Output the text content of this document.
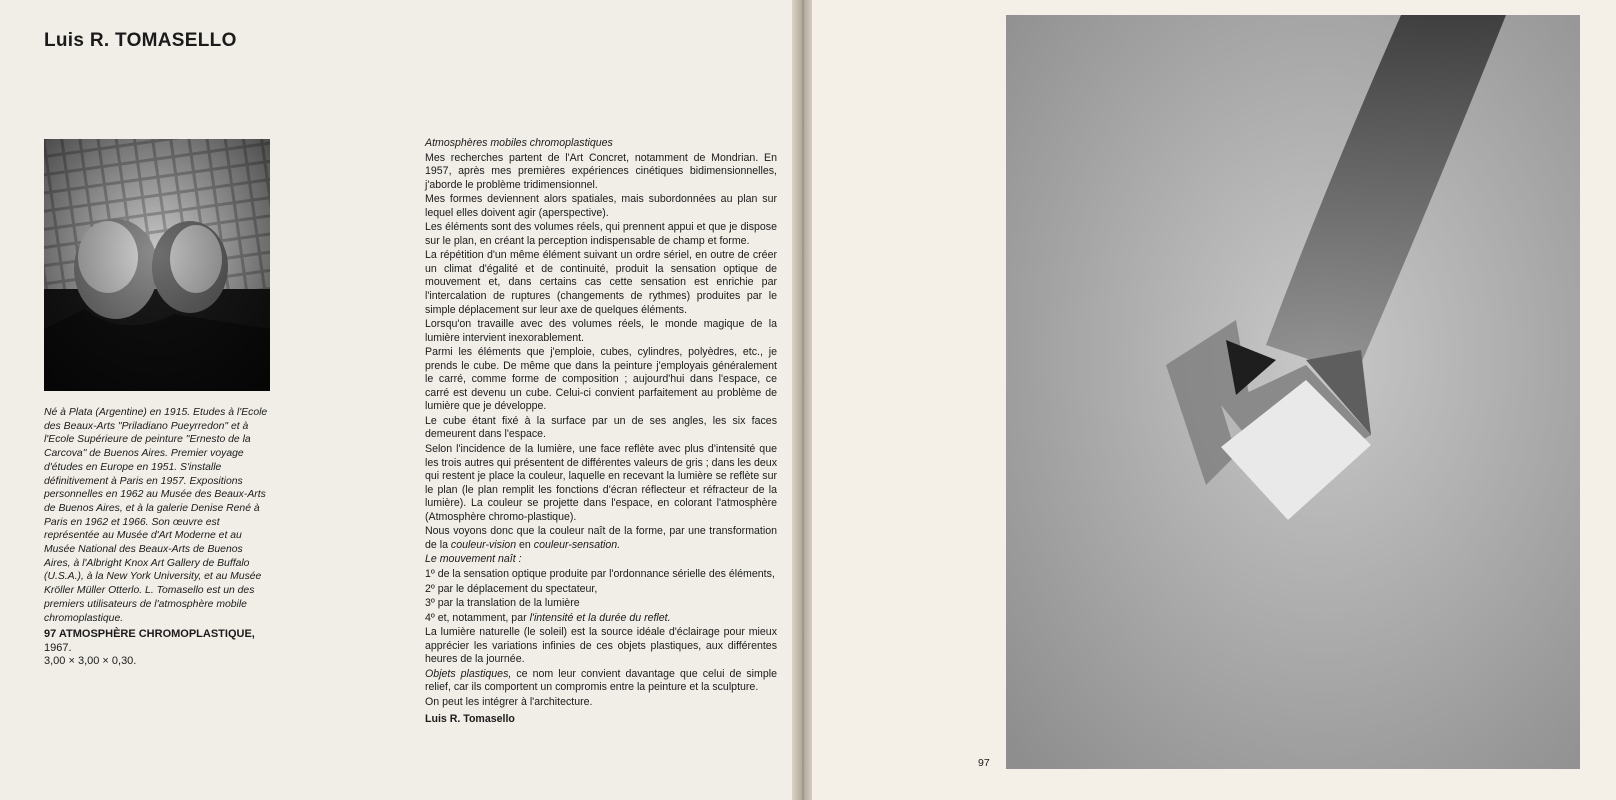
Luis R. TOMASELLO

Né à Plata (Argentine) en 1915. Etudes à l'Ecole des Beaux-Arts "Priladiano Pueyrredon" et à l'Ecole Supérieure de peinture "Ernesto de la Carcova" de Buenos Aires. Premier voyage d'études en Europe en 1951. S'installe définitivement à Paris en 1957. Expositions personnelles en 1962 au Musée des Beaux-Arts de Buenos Aires, et à la galerie Denise René à Paris en 1962 et 1966. Son œuvre est représentée au Musée d'Art Moderne et au Musée National des Beaux-Arts de Buenos Aires, à l'Albright Knox Art Gallery de Buffalo (U.S.A.), à la New York University, et au Musée Kröller Müller Otterlo. L. Tomasello est un des premiers utilisateurs de l'atmosphère mobile chromoplastique.

97 ATMOSPHÈRE CHROMOPLASTIQUE, 1967.
3,00 × 3,00 × 0,30.

Atmosphères mobiles chromoplastiques

Mes recherches partent de l'Art Concret, notamment de Mondrian. En 1957, après mes premières expériences cinétiques bidimensionnelles, j'aborde le problème tridimensionnel.

Mes formes deviennent alors spatiales, mais subordonnées au plan sur lequel elles doivent agir (aperspective).

Les éléments sont des volumes réels, qui prennent appui et que je dispose sur le plan, en créant la perception indispensable de champ et forme.

La répétition d'un même élément suivant un ordre sériel, en outre de créer un climat d'égalité et de continuité, produit la sensation optique de mouvement et, dans certains cas cette sensation est enrichie par l'intercalation de ruptures (changements de rythmes) produites par le simple déplacement sur leur axe de quelques éléments.

Lorsqu'on travaille avec des volumes réels, le monde magique de la lumière intervient inexorablement.

Parmi les éléments que j'emploie, cubes, cylindres, polyèdres, etc., je prends le cube. De même que dans la peinture j'employais généralement le carré, comme forme de composition ; aujourd'hui dans l'espace, ce carré est devenu un cube. Celui-ci convient parfaitement au problème de lumière que je développe.

Le cube étant fixé à la surface par un de ses angles, les six faces demeurent dans l'espace.

Selon l'incidence de la lumière, une face reflète avec plus d'intensité que les trois autres qui présentent de différentes valeurs de gris ; dans les deux qui restent je place la couleur, laquelle en recevant la lumière se reflète sur le plan (le plan remplit les fonctions d'écran réflecteur et réfracteur de la lumière). La couleur se projette dans l'espace, en colorant l'atmosphère (Atmosphère chromo-plastique).

Nous voyons donc que la couleur naît de la forme, par une transformation de la couleur-vision en couleur-sensation.

Le mouvement naît :

1º de la sensation optique produite par l'ordonnance sérielle des éléments,

2º par le déplacement du spectateur,

3º par la translation de la lumière

4º et, notamment, par l'intensité et la durée du reflet.

La lumière naturelle (le soleil) est la source idéale d'éclairage pour mieux apprécier les variations infinies de ces objets plastiques, aux différentes heures de la journée.

Objets plastiques, ce nom leur convient davantage que celui de simple relief, car ils comportent un compromis entre la peinture et la sculpture.

On peut les intégrer à l'architecture.

Luis R. Tomasello

97
